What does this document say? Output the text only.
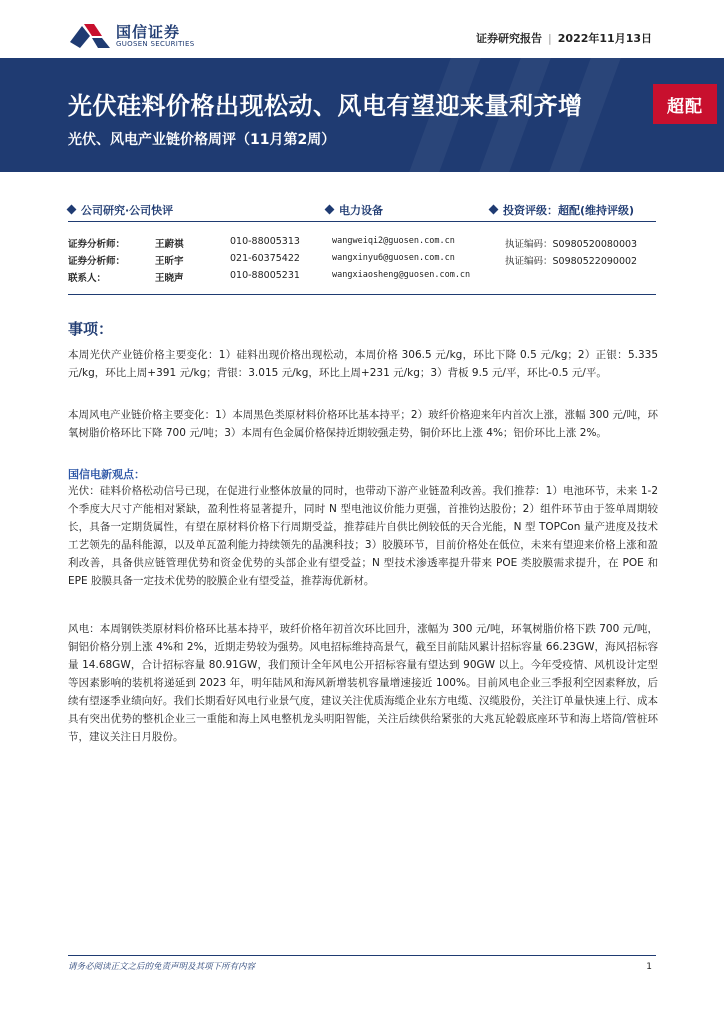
国信证券
GUOSEN SECURITIES	证券研究报告 | 2022年11月13日
光伏硅料价格出现松动、风电有望迎来量利齐增
光伏、风电产业链价格周评（11月第2周）
超配
公司研究·公司快评	电力设备	投资评级：超配(维持评级)
证券分析师：	王蔚祺	010-88005313	wangweiqi2@guosen.com.cn	执证编码：S0980520080003
证券分析师：	王昕宇	021-60375422	wangxinyu6@guosen.com.cn	执证编码：S0980522090002
联系人：	王晓声	010-88005231	wangxiaosheng@guosen.com.cn
事项：
本周光伏产业链价格主要变化：1）硅料出现价格出现松动，本周价格 306.5 元/kg，环比下降 0.5 元/kg；2）正银：5.335 元/kg，环比上周+391 元/kg；背银：3.015 元/kg，环比上周+231 元/kg；3）背板 9.5 元/平，环比-0.5 元/平。
本周风电产业链价格主要变化：1）本周黑色类原材料价格环比基本持平；2）玻纤价格迎来年内首次上涨，涨幅 300 元/吨，环氧树脂价格环比下降 700 元/吨；3）本周有色金属价格保持近期较强走势，铜价环比上涨 4%；铝价环比上涨 2%。
国信电新观点：
光伏：硅料价格松动信号已现，在促进行业整体放量的同时，也带动下游产业链盈利改善。我们推荐：1）电池环节，未来 1-2 个季度大尺寸产能相对紧缺，盈利性将显著提升，同时 N 型电池议价能力更强，首推钧达股份；2）组件环节由于签单周期较长，具备一定期货属性，有望在原材料价格下行周期受益，推荐硅片自供比例较低的天合光能，N 型 TOPCon 量产进度及技术工艺领先的晶科能源，以及单瓦盈利能力持续领先的晶澳科技；3）胶膜环节，目前价格处在低位，未来有望迎来价格上涨和盈利改善，具备供应链管理优势和资金优势的头部企业有望受益；N 型技术渗透率提升带来 POE 类胶膜需求提升，在 POE 和 EPE 胶膜具备一定技术优势的胶膜企业有望受益，推荐海优新材。
风电：本周钢铁类原材料价格环比基本持平，玻纤价格年初首次环比回升，涨幅为 300 元/吨，环氧树脂价格下跌 700 元/吨，铜铝价格分别上涨 4%和 2%，近期走势较为强势。风电招标维持高景气，截至目前陆风累计招标容量 66.23GW，海风招标容量 14.68GW，合计招标容量 80.91GW，我们预计全年风电公开招标容量有望达到 90GW 以上。今年受疫情、风机设计定型等因素影响的装机将递延到 2023 年，明年陆风和海风新增装机容量增速接近 100%。目前风电企业三季报利空因素释放，后续有望逐季业绩向好。我们长期看好风电行业景气度，建议关注优质海缆企业东方电缆、汉缆股份，关注订单量快速上行、成本具有突出优势的整机企业三一重能和海上风电整机龙头明阳智能，关注后续供给紧张的大兆瓦轮毂底座环节和海上塔筒/管桩环节，建议关注日月股份。
请务必阅读正文之后的免责声明及其项下所有内容	1
